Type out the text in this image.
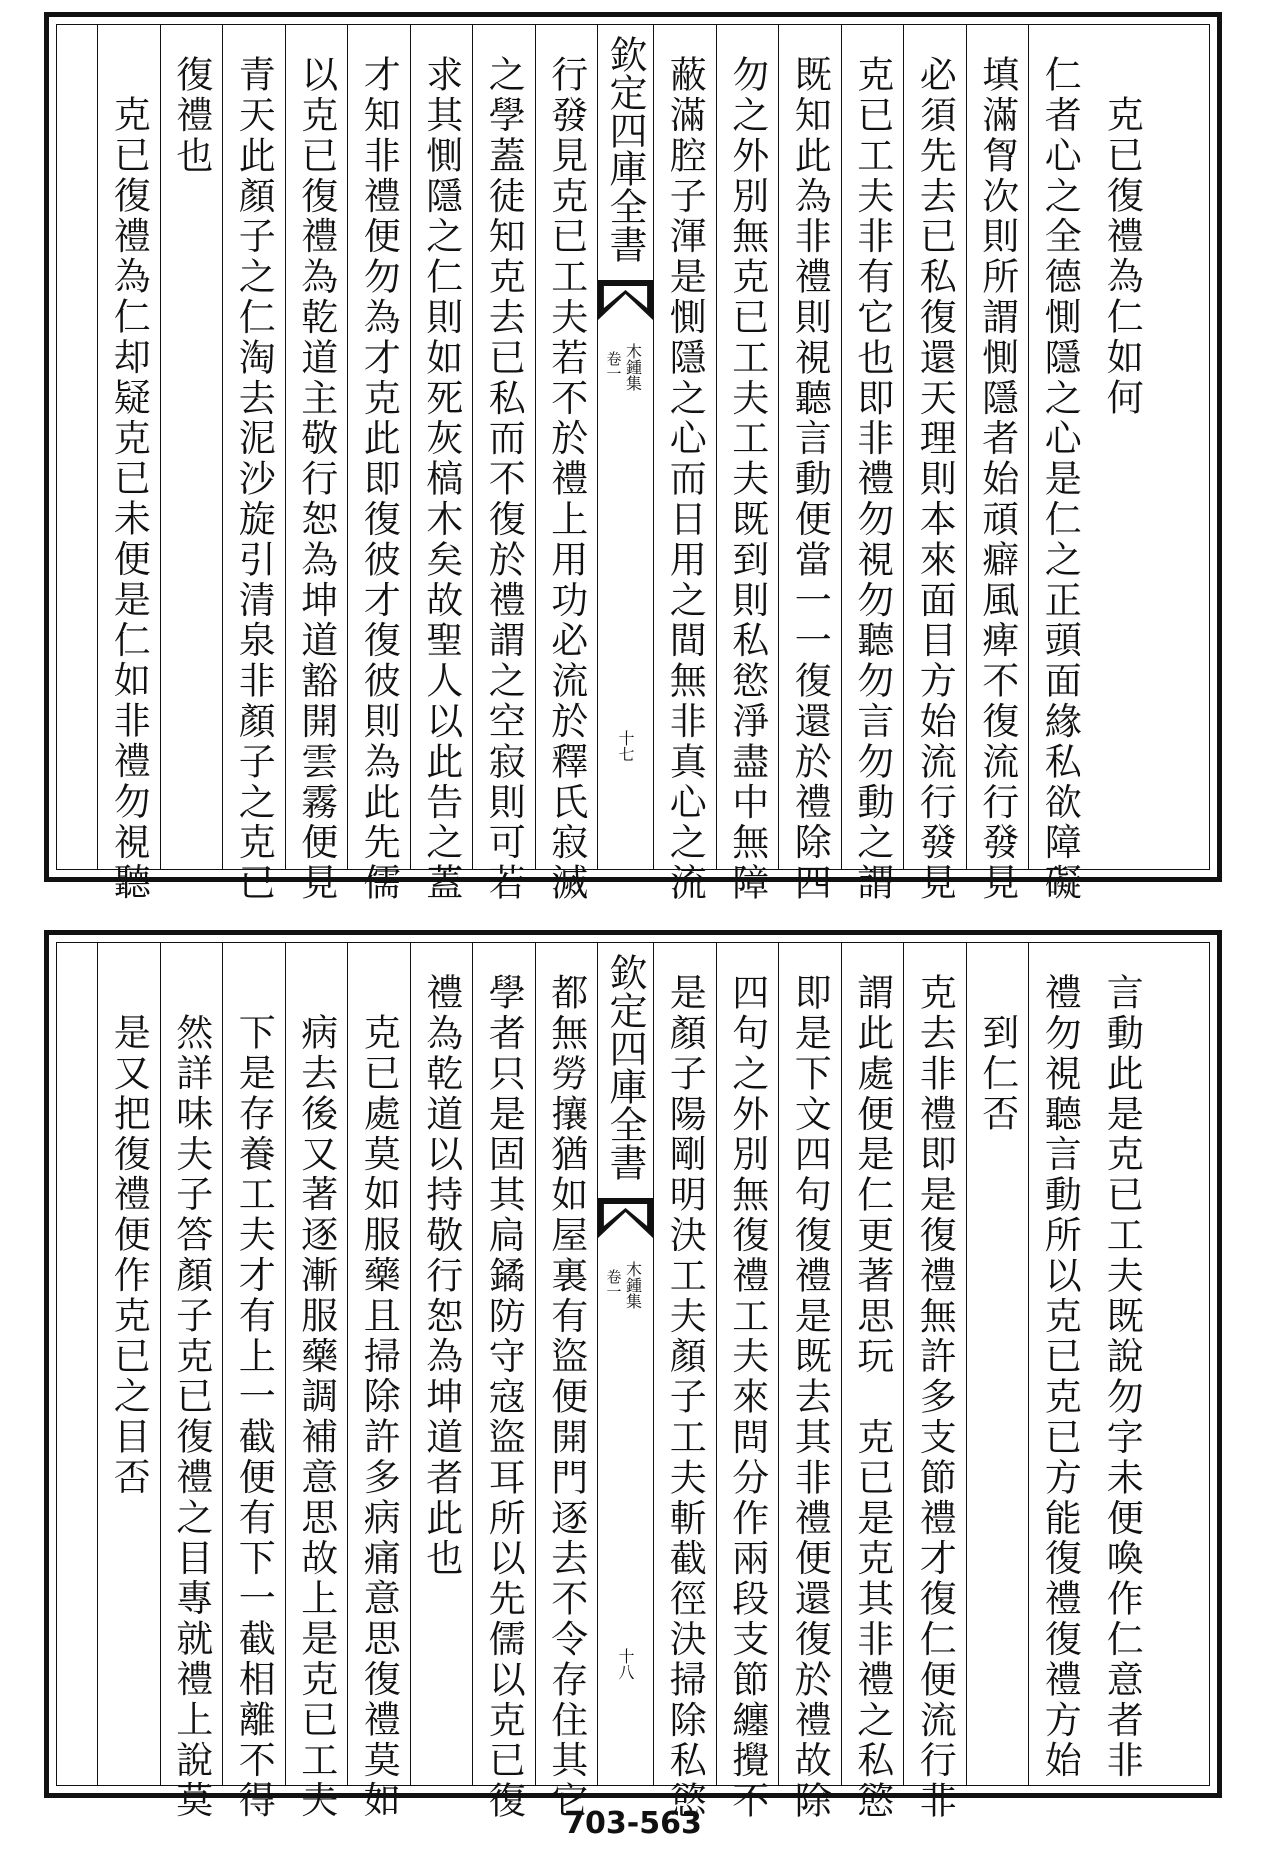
克已復禮為仁如何
仁者心之全德惻隱之心是仁之正頭面緣私欲障礙
填滿胷次則所謂惻隱者始頑癖風痺不復流行發見
必須先去已私復還天理則本來面目方始流行發見
克已工夫非有它也即非禮勿視勿聽勿言勿動之謂
既知此為非禮則視聽言動便當一一復還於禮除四
勿之外別無克已工夫工夫既到則私慾淨盡中無障
蔽滿腔子渾是惻隱之心而日用之間無非真心之流
欽定四庫全書
木鍾集
卷一
十七
行發見克已工夫若不於禮上用功必流於釋氏寂滅
之學蓋徒知克去已私而不復於禮謂之空寂則可若
求其惻隱之仁則如死灰槁木矣故聖人以此告之蓋
才知非禮便勿為才克此即復彼才復彼則為此先儒
以克已復禮為乾道主敬行恕為坤道豁開雲霧便見
青天此顏子之仁淘去泥沙旋引清泉非顏子之克已
復禮也
克已復禮為仁却疑克已未便是仁如非禮勿視聽
言動此是克已工夫既說勿字未便喚作仁意者非
禮勿視聽言動所以克已克已方能復禮復禮方始
到仁否
克去非禮即是復禮無許多支節禮才復仁便流行非
謂此處便是仁更著思玩　克已是克其非禮之私慾
即是下文四句復禮是既去其非禮便還復於禮故除
四句之外別無復禮工夫來問分作兩段支節纏攪不
是顏子陽剛明決工夫顏子工夫斬截徑決掃除私慾
欽定四庫全書
木鍾集
卷一
十八
都無勞攘猶如屋裏有盜便開門逐去不令存住其它
學者只是固其扃鐍防守寇盜耳所以先儒以克已復
禮為乾道以持敬行恕為坤道者此也
克已處莫如服藥且掃除許多病痛意思復禮莫如
病去後又著逐漸服藥調補意思故上是克已工夫
下是存養工夫才有上一截便有下一截相離不得
然詳味夫子答顏子克已復禮之目專就禮上說莫
是又把復禮便作克已之目否
703-563
